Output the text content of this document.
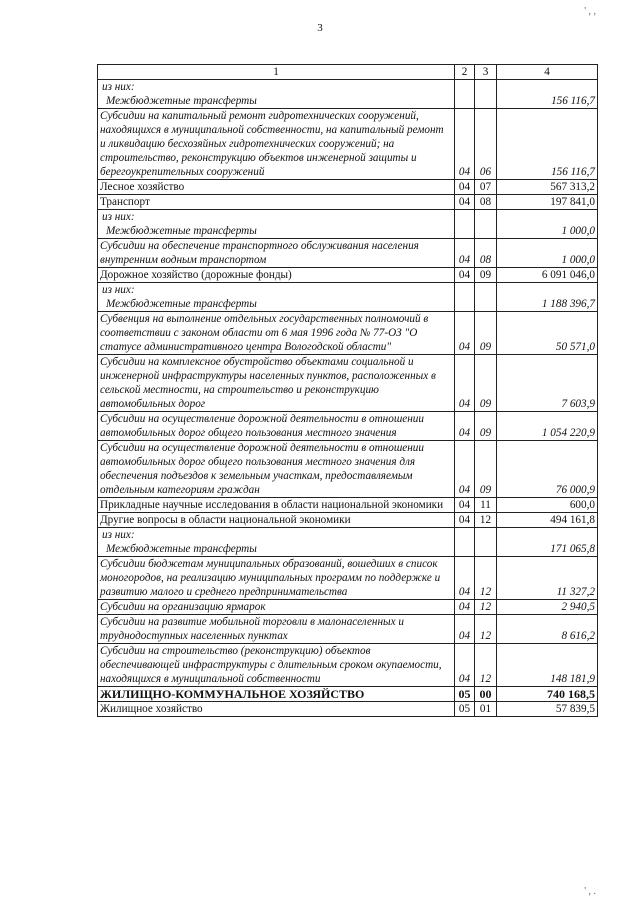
' , ,
3
1	2	3	4

из них:
Межбюджетные трансферты			156 116,7
Субсидии на капитальный ремонт гидротехнических сооружений, находящихся в муниципальной собственности, на капитальный ремонт и ликвидацию бесхозяйных гидротехнических сооружений; на строительство, реконструкцию объектов инженерной защиты и берегоукрепительных сооружений	04	06	156 116,7
Лесное хозяйство	04	07	567 313,2
Транспорт	04	08	197 841,0

из них:
Межбюджетные трансферты			1 000,0
Субсидии на обеспечение транспортного обслуживания населения внутренним водным транспортом	04	08	1 000,0
Дорожное хозяйство (дорожные фонды)	04	09	6 091 046,0

из них:
Межбюджетные трансферты			1 188 396,7
Субвенция на выполнение отдельных государственных полномочий в соответствии с законом области от 6 мая 1996 года № 77-ОЗ "О статусе административного центра Вологодской области"	04	09	50 571,0
Субсидии на комплексное обустройство объектами социальной и инженерной инфраструктуры населенных пунктов, расположенных в сельской местности, на строительство и реконструкцию автомобильных дорог	04	09	7 603,9
Субсидии на осуществление дорожной деятельности в отношении автомобильных дорог общего пользования местного значения	04	09	1 054 220,9
Субсидии на осуществление дорожной деятельности в отношении автомобильных дорог общего пользования местного значения для обеспечения подъездов к земельным участкам, предоставляемым отдельным категориям граждан	04	09	76 000,9
Прикладные научные исследования в области национальной экономики	04	11	600,0
Другие вопросы в области национальной экономики	04	12	494 161,8

из них:
Межбюджетные трансферты			171 065,8
Субсидии бюджетам муниципальных образований, вошедших в список моногородов, на реализацию муниципальных программ по поддержке и развитию малого и среднего предпринимательства	04	12	11 327,2
Субсидии на организацию ярмарок	04	12	2 940,5
Субсидии на развитие мобильной торговли в малонаселенных и труднодоступных населенных пунктах	04	12	8 616,2
Субсидии на строительство (реконструкцию) объектов обеспечивающей инфраструктуры с длительным сроком окупаемости, находящихся в муниципальной собственности	04	12	148 181,9
ЖИЛИЩНО-КОММУНАЛЬНОЕ ХОЗЯЙСТВО	05	00	740 168,5
Жилищное хозяйство	05	01	57 839,5
' , .
